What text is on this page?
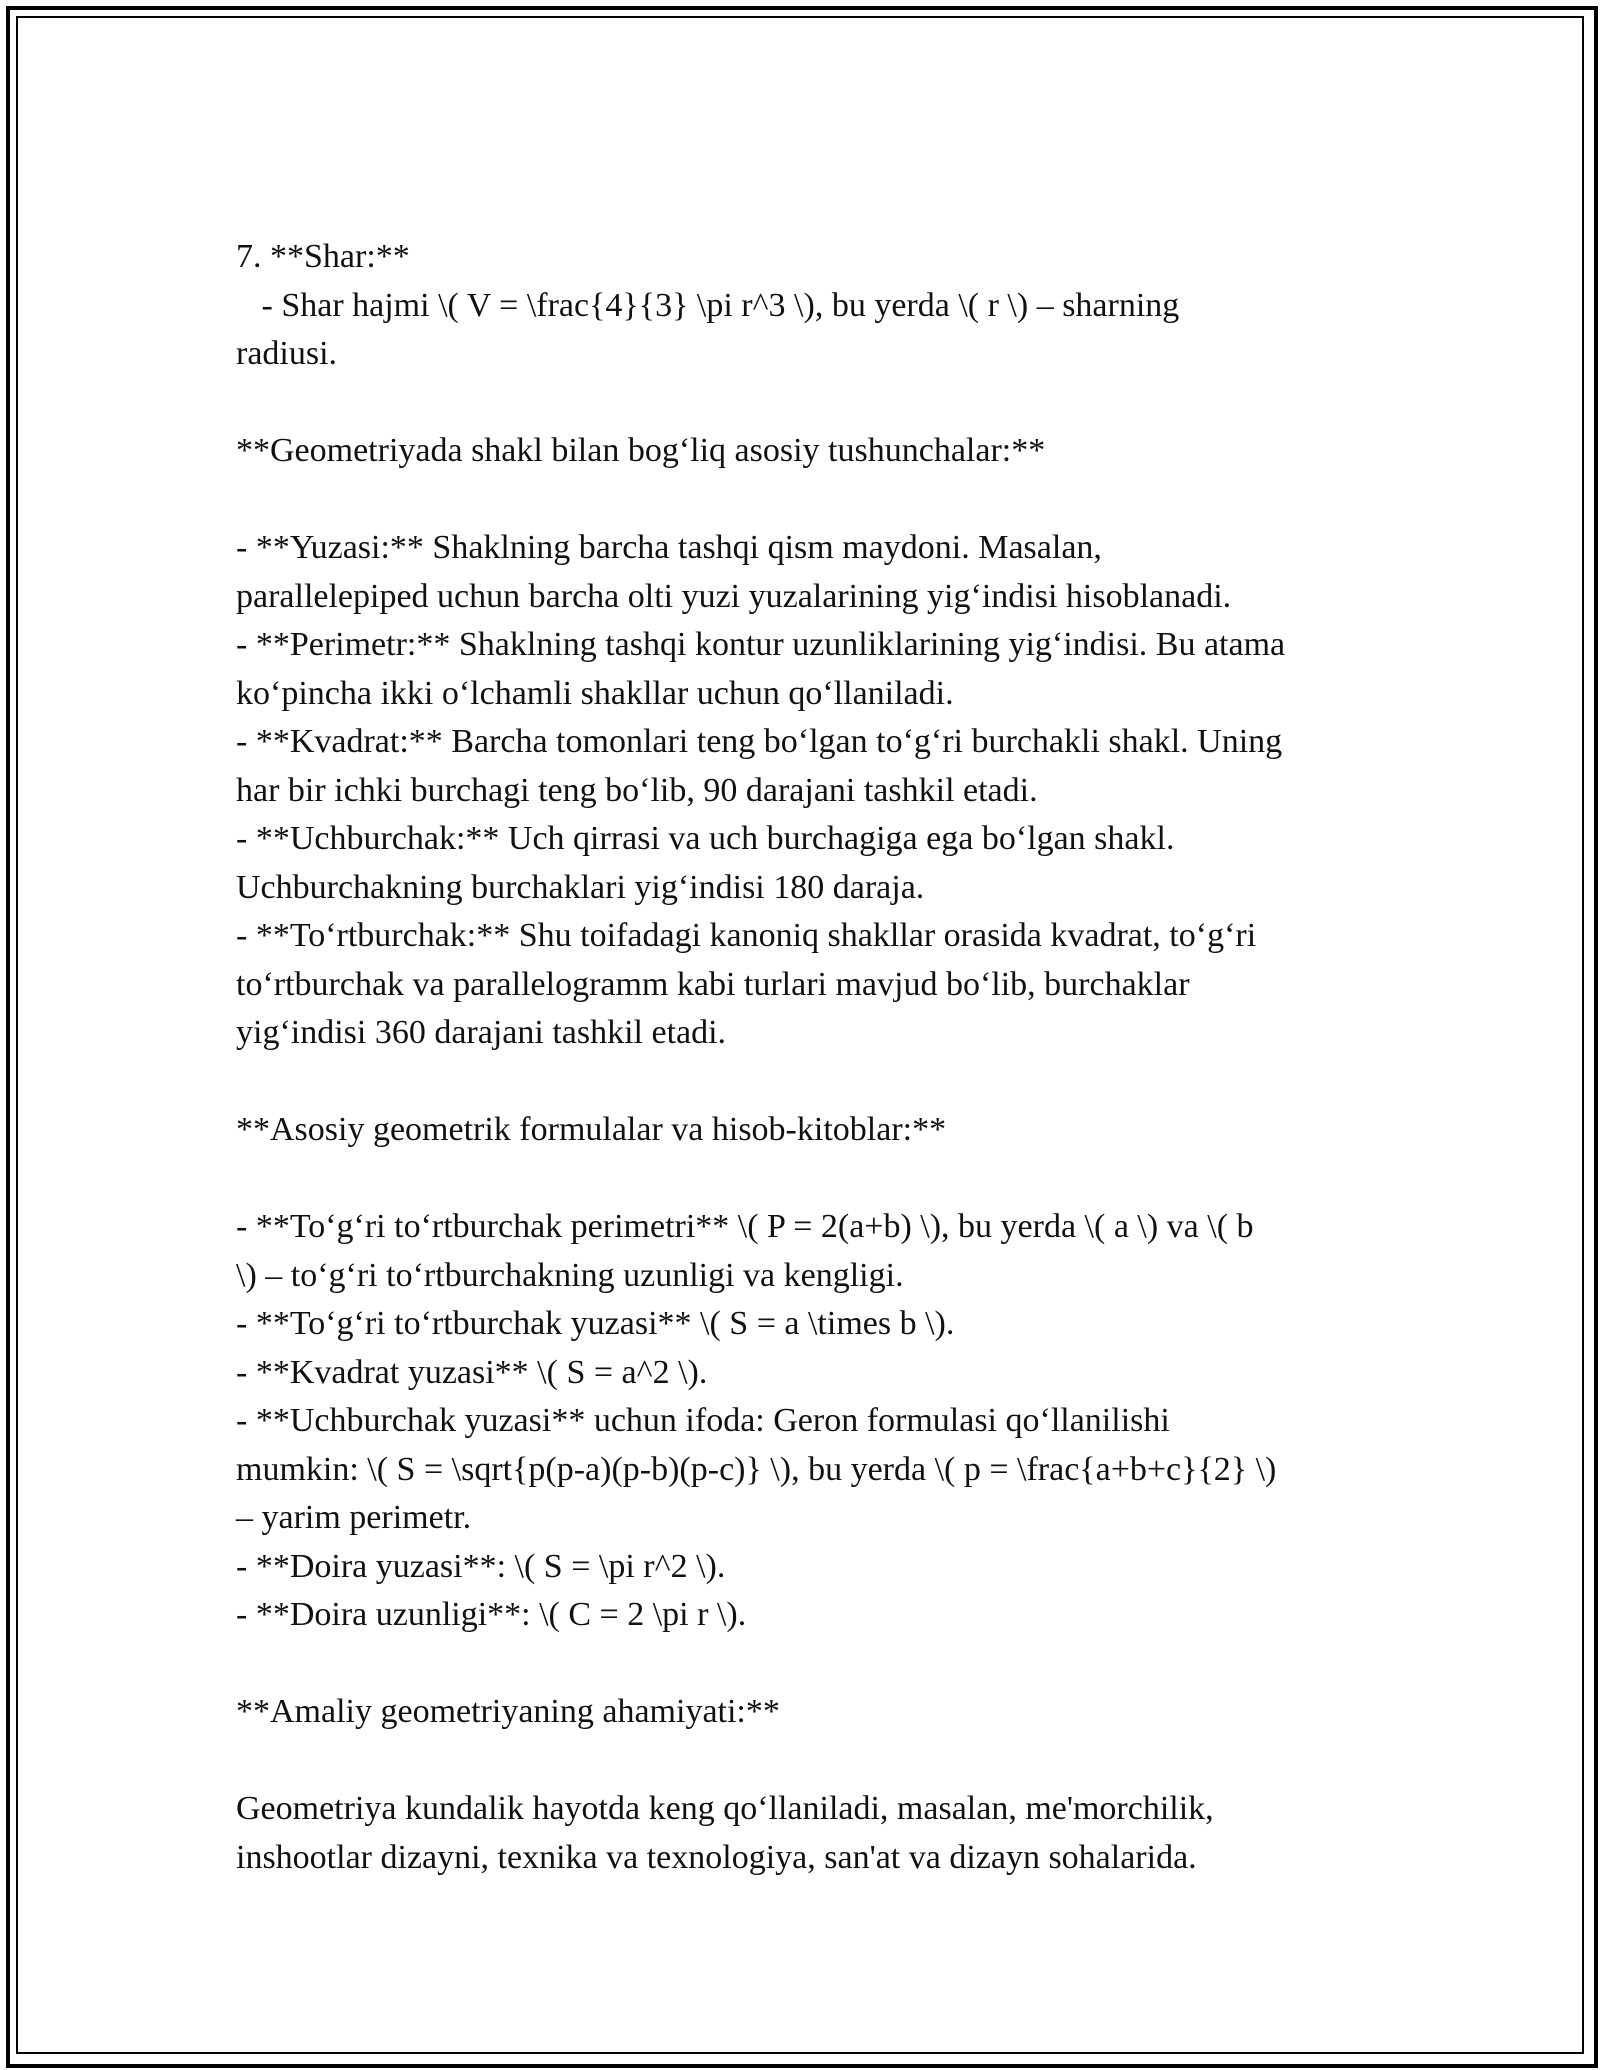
7. **Shar:**
- Shar hajmi \( V = \frac{4}{3} \pi r^3 \), bu yerda \( r \) – sharning
radiusi.
**Geometriyada shakl bilan bog‘liq asosiy tushunchalar:**
- **Yuzasi:** Shaklning barcha tashqi qism maydoni. Masalan,
parallelepiped uchun barcha olti yuzi yuzalarining yig‘indisi hisoblanadi.
- **Perimetr:** Shaklning tashqi kontur uzunliklarining yig‘indisi. Bu atama
ko‘pincha ikki o‘lchamli shakllar uchun qo‘llaniladi.
- **Kvadrat:** Barcha tomonlari teng bo‘lgan to‘g‘ri burchakli shakl. Uning
har bir ichki burchagi teng bo‘lib, 90 darajani tashkil etadi.
- **Uchburchak:** Uch qirrasi va uch burchagiga ega bo‘lgan shakl.
Uchburchakning burchaklari yig‘indisi 180 daraja.
- **To‘rtburchak:** Shu toifadagi kanoniq shakllar orasida kvadrat, to‘g‘ri
to‘rtburchak va parallelogramm kabi turlari mavjud bo‘lib, burchaklar
yig‘indisi 360 darajani tashkil etadi.
**Asosiy geometrik formulalar va hisob-kitoblar:**
- **To‘g‘ri to‘rtburchak perimetri** \( P = 2(a+b) \), bu yerda \( a \) va \( b
\) – to‘g‘ri to‘rtburchakning uzunligi va kengligi.
- **To‘g‘ri to‘rtburchak yuzasi** \( S = a \times b \).
- **Kvadrat yuzasi** \( S = a^2 \).
- **Uchburchak yuzasi** uchun ifoda: Geron formulasi qo‘llanilishi
mumkin: \( S = \sqrt{p(p-a)(p-b)(p-c)} \), bu yerda \( p = \frac{a+b+c}{2} \)
– yarim perimetr.
- **Doira yuzasi**: \( S = \pi r^2 \).
- **Doira uzunligi**: \( C = 2 \pi r \).
**Amaliy geometriyaning ahamiyati:**
Geometriya kundalik hayotda keng qo‘llaniladi, masalan, me'morchilik,
inshootlar dizayni, texnika va texnologiya, san'at va dizayn sohalarida.
